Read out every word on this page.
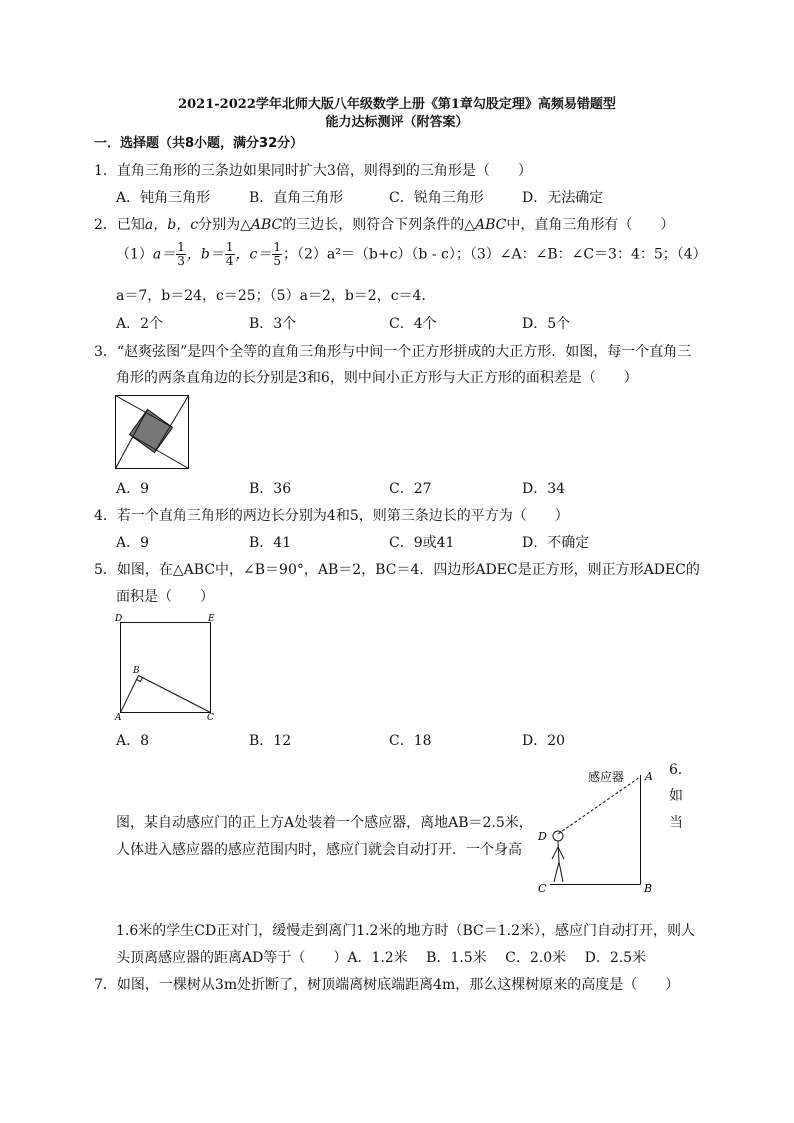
2021-2022学年北师大版八年级数学上册《第1章勾股定理》高频易错题型
能力达标测评（附答案）
一．选择题（共8小题，满分32分）
1．直角三角形的三条边如果同时扩大3倍，则得到的三角形是（　　）
A．钝角三角形	B．直角三角形	C．锐角三角形	D．无法确定
2．已知a，b，c分别为△ABC的三边长，则符合下列条件的△ABC中，直角三角形有（　　）
$(1)a= \frac{1}{3}$ ，$b= \frac{1}{4}$ ，$c= \frac{1}{5}$ ；（2）a²＝（b+c）（b - c）；（3）∠A：∠B：∠C＝3：4：5；（4）
a＝7，b＝24，c＝25；（5）a＝2，b＝2，c＝4．
A．2个	B．3个	C．4个	D．5个
3．“赵爽弦图”是四个全等的直角三角形与中间一个正方形拼成的大正方形．如图，每一个直角三
角形的两条直角边的长分别是3和6，则中间小正方形与大正方形的面积差是（　　）
A．9	B．36	C．27	D．34
4．若一个直角三角形的两边长分别为4和5，则第三条边长的平方为（　　）
A．9	B．41	C．9或41	D．不确定
5．如图，在△ABC中，∠B＝90°，AB＝2，BC＝4．四边形ADEC是正方形，则正方形ADEC的
面积是（　　）
D	E
B
A	C
A．8	B．12	C．18	D．20
6．
如
当
图，某自动感应门的正上方A处装着一个感应器，离地AB＝2.5米，
人体进入感应器的感应范围内时，感应门就会自动打开．一个身高
感应器 A
D
C	B
1.6米的学生CD正对门，缓慢走到离门1.2米的地方时（BC＝1.2米），感应门自动打开，则人
头顶离感应器的距离AD等于（　　）A．1.2米　 B．1.5米　 C．2.0米　 D．2.5米
7．如图，一棵树从3m处折断了，树顶端离树底端距离4m，那么这棵树原来的高度是（　　）
